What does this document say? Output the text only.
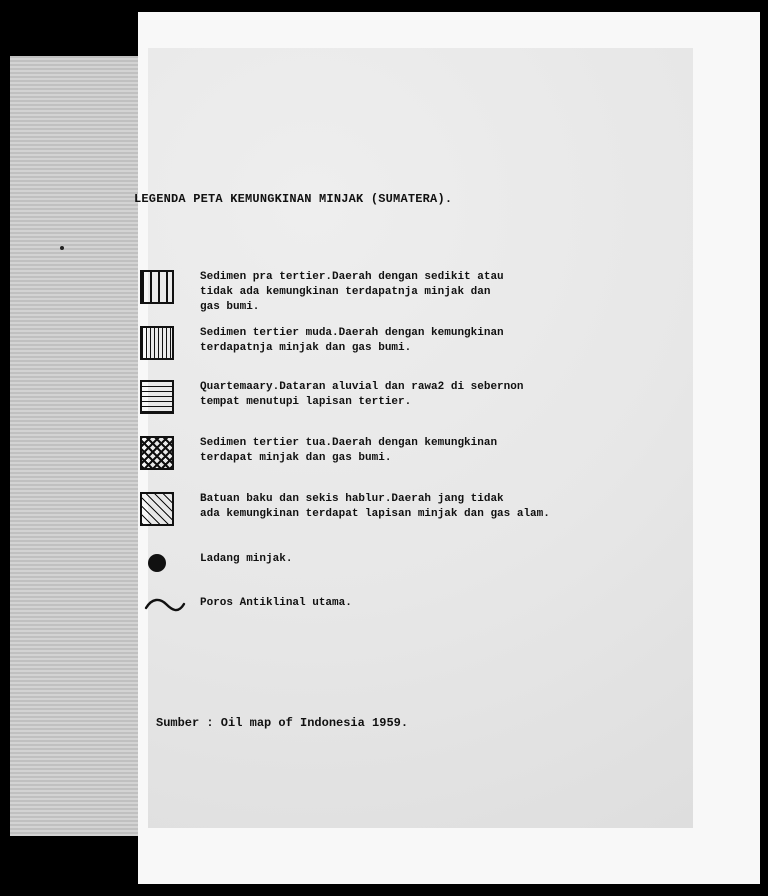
LEGENDA PETA KEMUNGKINAN MINJAK (SUMATERA).
Sedimen pra tertier.Daerah dengan sedikit atau
tidak ada kemungkinan terdapatnja minjak dan
gas bumi.
Sedimen tertier muda.Daerah dengan kemungkinan
terdapatnja minjak dan gas bumi.
Quartemaary.Dataran aluvial dan rawa2 di sebernon
tempat menutupi lapisan tertier.
Sedimen tertier tua.Daerah dengan kemungkinan
terdapat minjak dan gas bumi.
Batuan baku dan sekis hablur.Daerah jang tidak
ada kemungkinan terdapat lapisan minjak dan gas alam.
Ladang minjak.
Poros Antiklinal utama.
Sumber : Oil map of Indonesia 1959.
